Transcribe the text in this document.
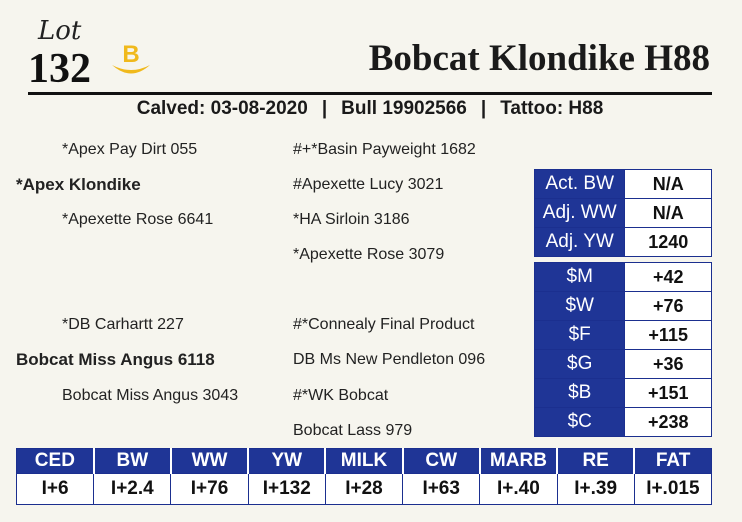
Lot
132 B	Bobcat Klondike H88
Calved: 03-08-2020 | Bull 19902566 | Tattoo: H88
*Apex Pay Dirt 055
*Apex Klondike
*Apexette Rose 6641
#+*Basin Payweight 1682
#Apexette Lucy 3021
*HA Sirloin 3186
*Apexette Rose 3079
*DB Carhartt 227
Bobcat Miss Angus 6118
Bobcat Miss Angus 3043
#*Connealy Final Product
DB Ms New Pendleton 096
#*WK Bobcat
Bobcat Lass 979
Act. BW	N/A
Adj. WW	N/A
Adj. YW	1240
$M	+42
$W	+76
$F	+115
$G	+36
$B	+151
$C	+238
CED	BW	WW	YW	MILK	CW	MARB	RE	FAT
I+6	I+2.4	I+76	I+132	I+28	I+63	I+.40	I+.39	I+.015
